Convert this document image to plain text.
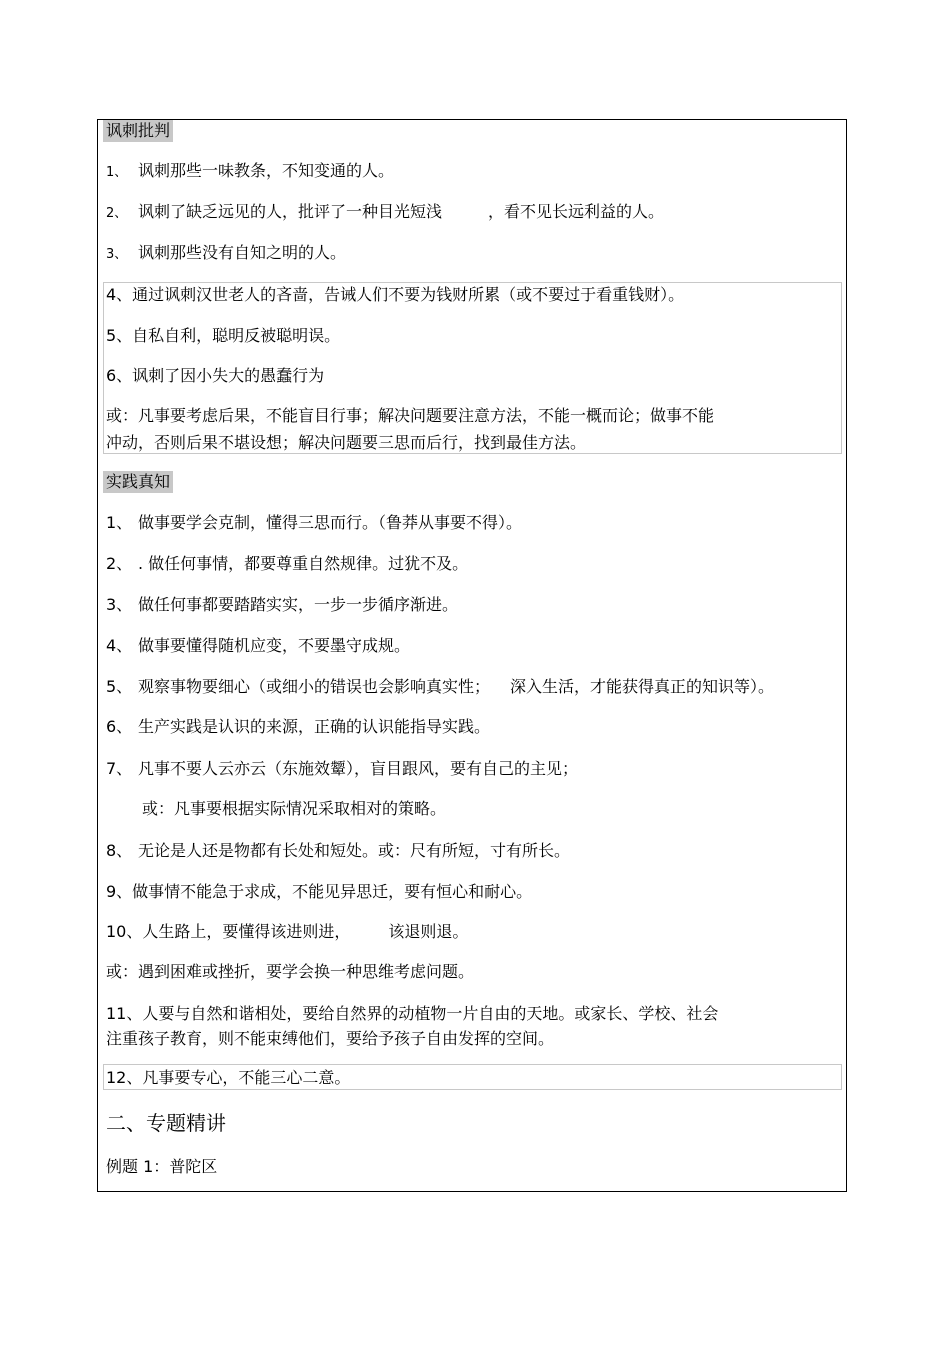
讽刺批判
1、 讽刺那些一味教条，不知变通的人。
2、 讽刺了缺乏远见的人，批评了一种目光短浅	，看不见长远利益的人。
3、 讽刺那些没有自知之明的人。
4、通过讽刺汉世老人的吝啬，告诫人们不要为钱财所累（或不要过于看重钱财）。
5、自私自利，聪明反被聪明误。
6、讽刺了因小失大的愚蠢行为
或：凡事要考虑后果，不能盲目行事；解决问题要注意方法，不能一概而论；做事不能
冲动，否则后果不堪设想；解决问题要三思而后行，找到最佳方法。
实践真知
1、 做事要学会克制，懂得三思而行。（鲁莽从事要不得）。
2、 . 做任何事情，都要尊重自然规律。过犹不及。
3、 做任何事都要踏踏实实，一步一步循序渐进。
4、 做事要懂得随机应变，不要墨守成规。
5、 观察事物要细心（或细小的错误也会影响真实性； 深入生活，才能获得真正的知识等）。
6、 生产实践是认识的来源，正确的认识能指导实践。
7、 凡事不要人云亦云（东施效颦），盲目跟风，要有自己的主见；
或：凡事要根据实际情况采取相对的策略。
8、 无论是人还是物都有长处和短处。或：尺有所短，寸有所长。
9、做事情不能急于求成，不能见异思迁，要有恒心和耐心。
10、人生路上，要懂得该进则进， 该退则退。
或：遇到困难或挫折，要学会换一种思维考虑问题。
11、人要与自然和谐相处，要给自然界的动植物一片自由的天地。或家长、学校、社会
注重孩子教育，则不能束缚他们，要给予孩子自由发挥的空间。
12、凡事要专心，不能三心二意。
二、专题精讲
例题 1：普陀区
